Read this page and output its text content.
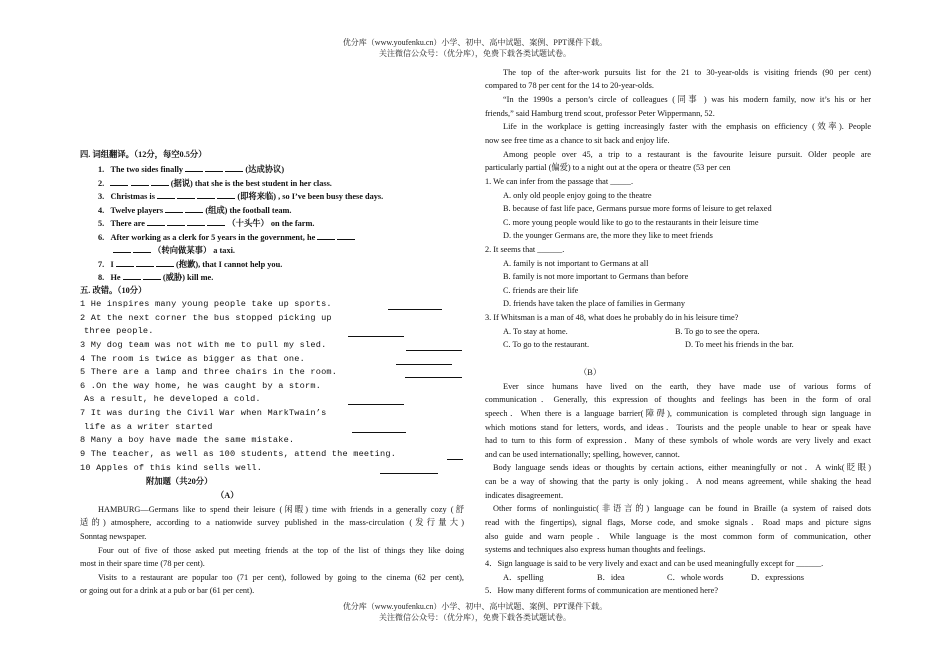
优分库（www.youfenku.cn）小学、初中、高中试题、案例、PPT课件下载。
关注微信公众号：（优分库），免费下载各类试题试卷。
四. 词组翻译。（12分，每空0.5分）
1. The two sides finally	(达成协议)
2.	(据说) that she is the best student in her class.
3. Christmas is	(即将来临) , so I’ve been busy these days.
4. Twelve players	(组成) the football team.
5. There are	（十头牛） on the farm.
6. After working as a clerk for 5 years in the government, he
（转向做某事） a taxi.
7. I	(抱歉), that I cannot help you.
8. He	(威胁) kill me.
五. 改错。（10分）
1 He inspires many young people take up sports.
2 At the next corner the bus stopped picking up
three people.
3 My dog team was not with me to pull my sled.
4 The room is twice as bigger as that one.
5 There are a lamp and three chairs in the room.
6 .On the way home, he was caught by a storm.
As a result, he developed a cold.
7 It was during the Civil War when MarkTwain’s
life as a writer started
8 Many a boy have made the same mistake.
9 The teacher, as well as 100 students, attend the meeting.
10 Apples of this kind sells well.
附加题（共20分）
（A）
HAMBURG—Germans like to spend their leisure (闲暇) time with friends in a generally cozy (舒
适的) atmosphere, according to a nationwide survey published in the mass-circulation (发行量大)
Sonntag newspaper.
Four out of five of those asked put meeting friends at the top of the list of things they like doing
most in their spare time (78 per cent).
Visits to a restaurant are popular too (71 per cent), followed by going to the cinema (62 per cent),
or going out for a drink at a pub or bar (61 per cent).
The top of the after-work pursuits list for the 21 to 30-year-olds is visiting friends (90 per cent)
compared to 78 per cent for the 14 to 20-year-olds.
“In the 1990s a person’s circle of colleagues (同事 ) was his modern family, now it’s his or her
friends,” said Hamburg trend scout, professor Peter Wippermann, 52.
Life in the workplace is getting increasingly faster with the emphasis on efficiency (效率). People
now see free time as a chance to sit back and enjoy life.
Among people over 45, a trip to a restaurant is the favourite leisure pursuit. Older people are
particularly partial (偏爱) to a night out at the opera or theatre (53 per cen
1. We can infer from the passage that _____.
A. only old people enjoy going to the theatre
B. because of fast life pace, Germans pursue more forms of leisure to get relaxed
C. more young people would like to go to the restaurants in their leisure time
D. the younger Germans are, the more they like to meet friends
2. It seems that ______.
A. family is not important to Germans at all
B. family is not more important to Germans than before
C. friends are their life
D. friends have taken the place of families in Germany
3. If Whitsman is a man of 48, what does he probably do in his leisure time?
A. To stay at home.	B. To go to see the opera.
C. To go to the restaurant.	D. To meet his friends in the bar.
（B）
Ever since humans have lived on the earth, they have made use of various forms of
communication．Generally, this expression of thoughts and feelings has been in the form of oral
speech．When there is a language barrier(障碍), communication is completed through sign language in
which motions stand for letters, words, and ideas．Tourists and the people unable to hear or speak have
had to turn to this form of expression．Many of these symbols of whole words are very lively and exact
and can be used internationally; spelling, however, cannot．
Body language sends ideas or thoughts by certain actions, either meaningfully or not．A wink(眨眼)
can be a way of showing that the party is only joking．A nod means agreement, while shaking the head
indicates disagreement．
Other forms of nonlinguistic(非语言的) language can be found in Braille (a system of raised dots
read with the fingertips), signal flags, Morse code, and smoke signals．Road maps and picture signs
also guide and warn people．While language is the most common form of communication, other
systems and techniques also express human thoughts and feelings．
4．Sign language is said to be very lively and exact and can be used meaningfully except for ______.
A．spelling	B．idea	C．whole words	D．expressions
5．How many different forms of communication are mentioned here?
优分库（www.youfenku.cn）小学、初中、高中试题、案例、PPT课件下载。
关注微信公众号：（优分库），免费下载各类试题试卷。
